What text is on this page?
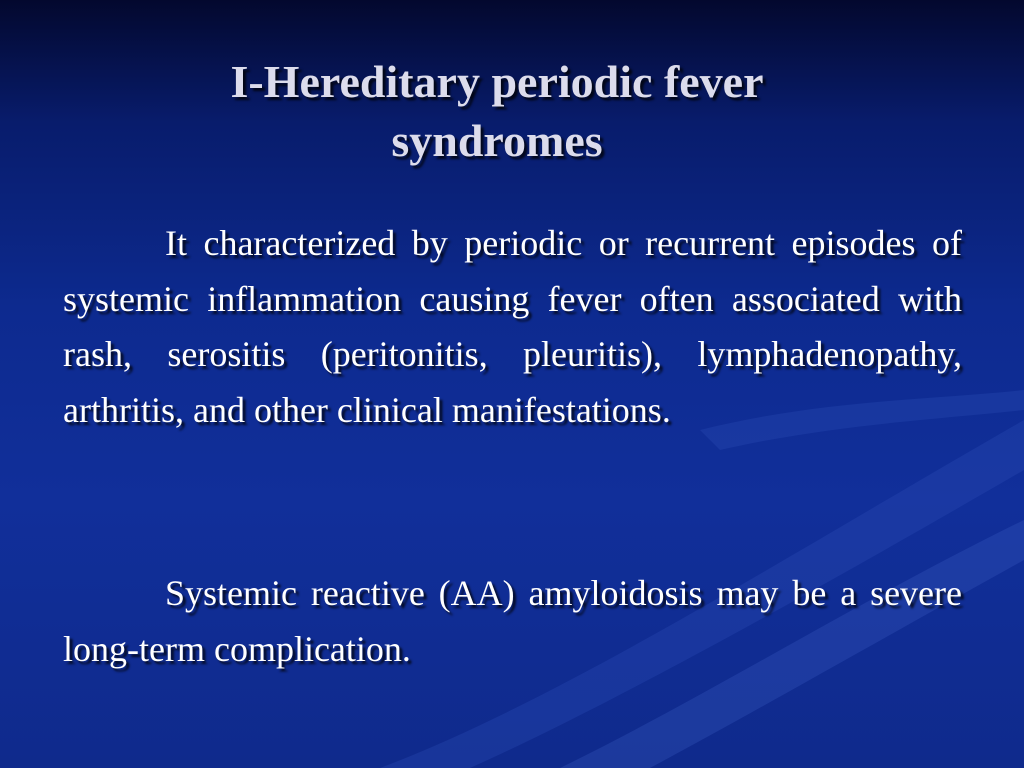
I-Hereditary periodic fever
syndromes

It characterized by periodic or recurrent episodes of systemic inflammation causing fever often associated with rash, serositis (peritonitis, pleuritis), lymphadenopathy, arthritis, and other clinical manifestations.

Systemic reactive (AA) amyloidosis may be a severe long-term complication.
